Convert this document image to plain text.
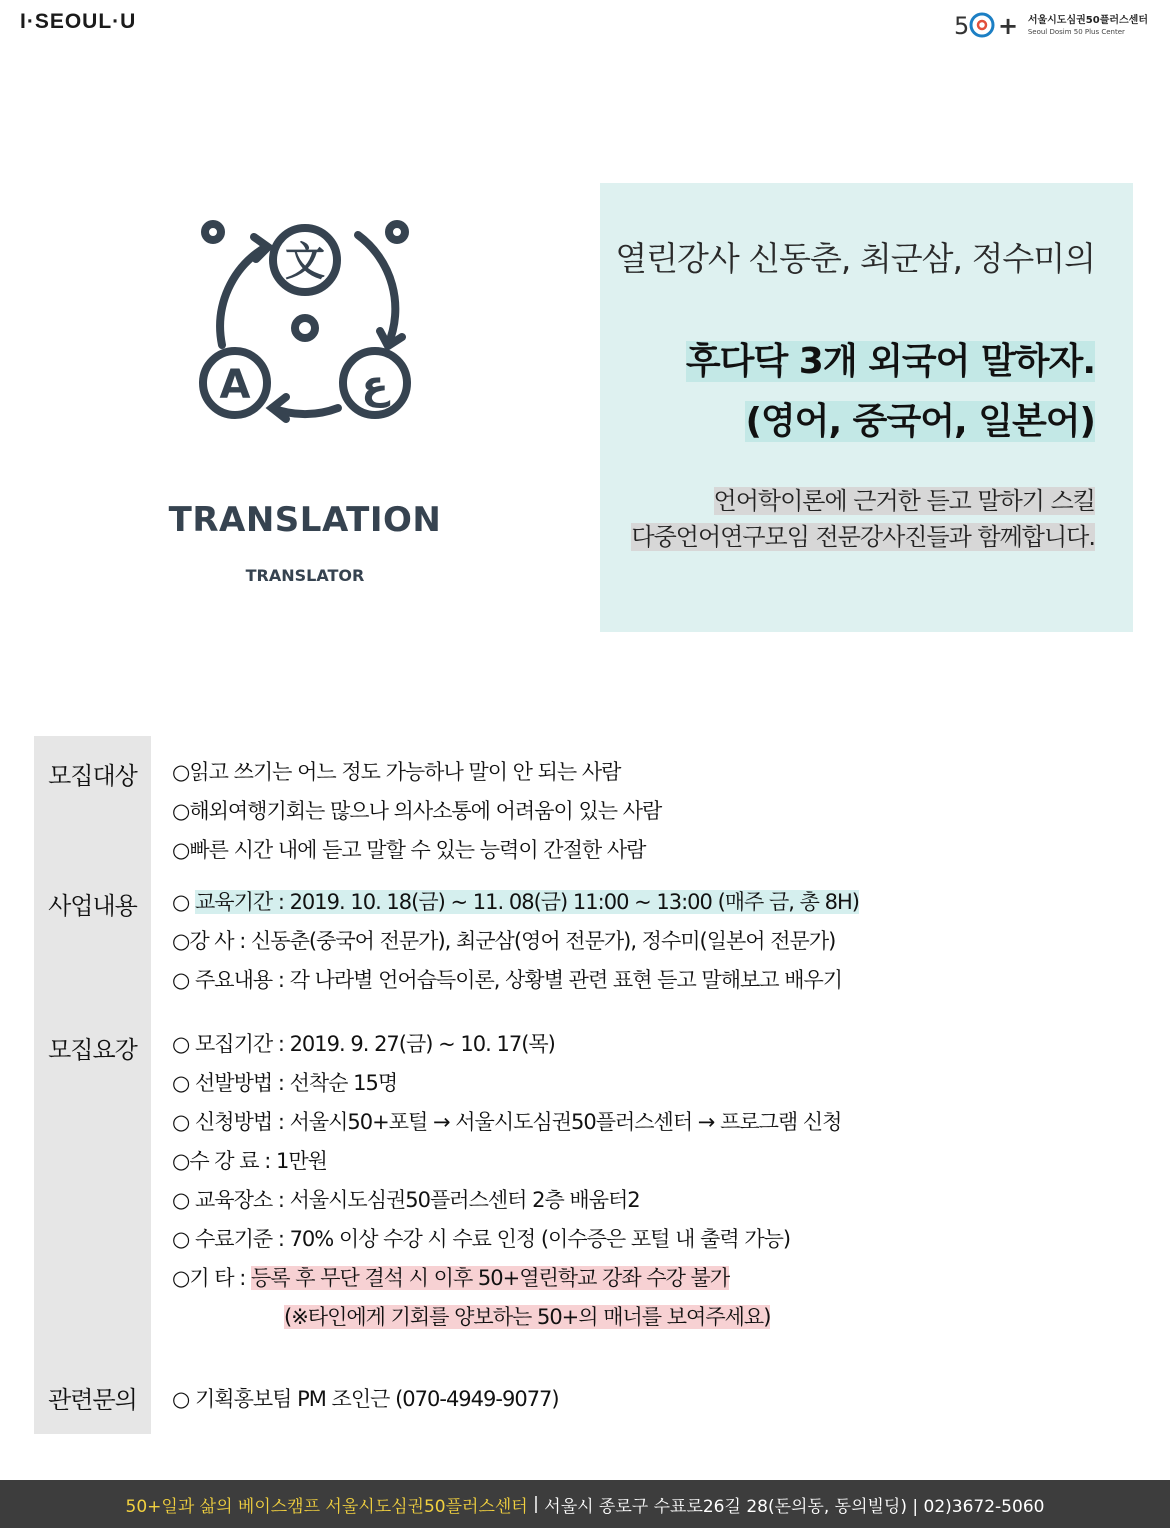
I·SEOUL·U	5 + 서울시도심권50플러스센터
Seoul Dosim 50 Plus Center
文
A	ع
TRANSLATION
TRANSLATOR
열린강사 신동춘, 최군삼, 정수미의
후다닥 3개 외국어 말하자.
(영어, 중국어, 일본어)
언어학이론에 근거한 듣고 말하기 스킬
다중언어연구모임 전문강사진들과 함께합니다.
모집대상	○읽고 쓰기는 어느 정도 가능하나 말이 안 되는 사람
○해외여행기회는 많으나 의사소통에 어려움이 있는 사람
○빠른 시간 내에 듣고 말할 수 있는 능력이 간절한 사람
사업내용	○ 교육기간 : 2019. 10. 18(금) ~ 11. 08(금) 11:00 ~ 13:00 (매주 금, 총 8H)
○강 사 : 신동춘(중국어 전문가), 최군삼(영어 전문가), 정수미(일본어 전문가)
○ 주요내용 : 각 나라별 언어습득이론, 상황별 관련 표현 듣고 말해보고 배우기
모집요강	○ 모집기간 : 2019. 9. 27(금) ~ 10. 17(목)
○ 선발방법 : 선착순 15명
○ 신청방법 : 서울시50+포털 → 서울시도심권50플러스센터 → 프로그램 신청
○수 강 료 : 1만원
○ 교육장소 : 서울시도심권50플러스센터 2층 배움터2
○ 수료기준 : 70% 이상 수강 시 수료 인정 (이수증은 포털 내 출력 가능)
○기 타 : 등록 후 무단 결석 시 이후 50+열린학교 강좌 수강 불가
(※타인에게 기회를 양보하는 50+의 매너를 보여주세요)
관련문의	○ 기획홍보팀 PM 조인근 (070-4949-9077)
50+일과 삶의 베이스캠프 서울시도심권50플러스센터 | 서울시 종로구 수표로26길 28(돈의동, 동의빌딩) | 02)3672-5060
